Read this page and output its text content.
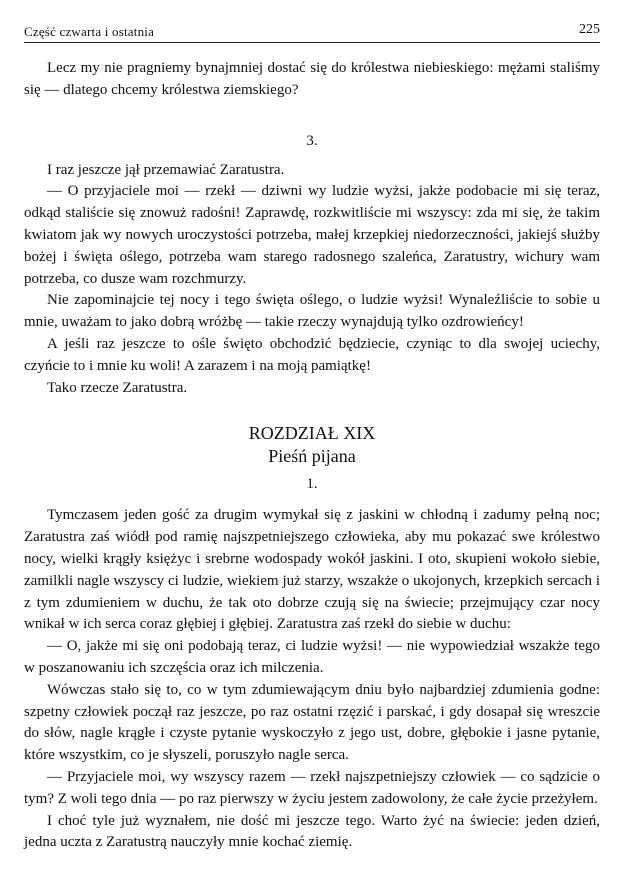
Część czwarta i ostatnia	225

Lecz my nie pragniemy bynajmniej dostać się do królestwa niebieskiego: mężami staliśmy się — dlatego chcemy królestwa ziemskiego?

3.

I raz jeszcze jął przemawiać Zaratustra.

— O przyjaciele moi — rzekł — dziwni wy ludzie wyżsi, jakże podobacie mi się teraz, odkąd staliście się znowuż radośni! Zaprawdę, rozkwitliście mi wszyscy: zda mi się, że takim kwiatom jak wy nowych uroczystości potrzeba, małej krzepkiej niedorzeczności, jakiejś służby bożej i święta oślego, potrzeba wam starego radosnego szaleńca, Zaratustry, wichury wam potrzeba, co dusze wam rozchmurzy.

Nie zapominajcie tej nocy i tego święta oślego, o ludzie wyżsi! Wynaleźliście to sobie u mnie, uważam to jako dobrą wróżbę — takie rzeczy wynajdują tylko ozdrowieńcy!

A jeśli raz jeszcze to ośle święto obchodzić będziecie, czyniąc to dla swojej uciechy, czyńcie to i mnie ku woli! A zarazem i na moją pamiątkę!

Tako rzecze Zaratustra.

ROZDZIAŁ XIX
Pieśń pijana

1.

Tymczasem jeden gość za drugim wymykał się z jaskini w chłodną i zadumy pełną noc; Zaratustra zaś wiódł pod ramię najszpetniejszego człowieka, aby mu pokazać swe królestwo nocy, wielki krągły księżyc i srebrne wodospady wokół jaskini. I oto, skupieni wokoło siebie, zamilkli nagle wszyscy ci ludzie, wiekiem już starzy, wszakże o ukojonych, krzepkich sercach i z tym zdumieniem w duchu, że tak oto dobrze czują się na świecie; przejmujący czar nocy wnikał w ich serca coraz głębiej i głębiej. Zaratustra zaś rzekł do siebie w duchu:

— O, jakże mi się oni podobają teraz, ci ludzie wyżsi! — nie wypowiedział wszakże tego w poszanowaniu ich szczęścia oraz ich milczenia.

Wówczas stało się to, co w tym zdumiewającym dniu było najbardziej zdumienia godne: szpetny człowiek począł raz jeszcze, po raz ostatni rzęzić i parskać, i gdy dosapał się wreszcie do słów, nagle krągłe i czyste pytanie wyskoczyło z jego ust, dobre, głębokie i jasne pytanie, które wszystkim, co je słyszeli, poruszyło nagle serca.

— Przyjaciele moi, wy wszyscy razem — rzekł najszpetniejszy człowiek — co sądzicie o tym? Z woli tego dnia — po raz pierwszy w życiu jestem zadowolony, że całe życie przeżyłem.

I choć tyle już wyznałem, nie dość mi jeszcze tego. Warto żyć na świecie: jeden dzień, jedna uczta z Zaratustrą nauczyły mnie kochać ziemię.
